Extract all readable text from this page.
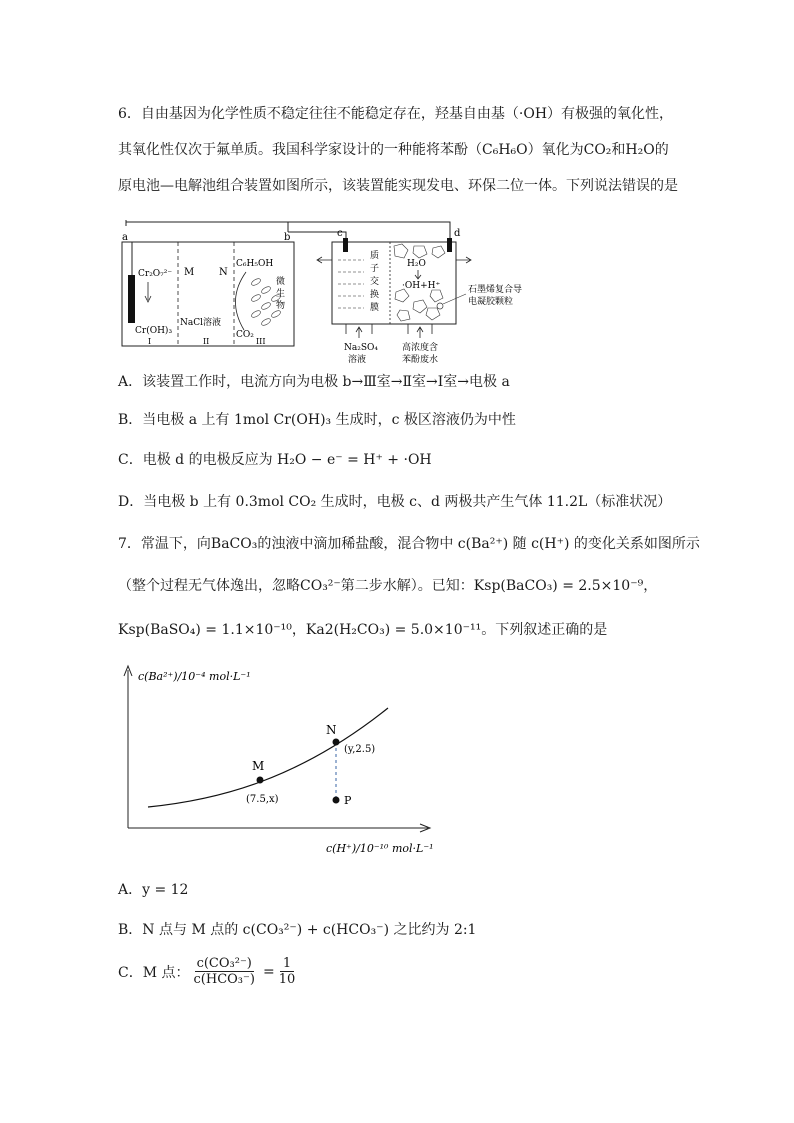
6．自由基因为化学性质不稳定往往不能稳定存在，羟基自由基（·OH）有极强的氧化性，
其氧化性仅次于氟单质。我国科学家设计的一种能将苯酚（C₆H₆O）氧化为CO₂和H₂O的
原电池—电解池组合装置如图所示，该装置能实现发电、环保二位一体。下列说法错误的是
a	b
Cr₂O₇²⁻
Cr(OH)₃
M N
C₆H₅OH
NaCl溶液
CO₂
微
生
物
I	II	III
c	d
质
子
交
换
膜
H₂O
·OH+H⁺	石墨烯复合导
电凝胶颗粒
Na₂SO₄
溶液
高浓度含
苯酚废水
A．该装置工作时，电流方向为电极 b→Ⅲ室→Ⅱ室→Ⅰ室→电极 a
B．当电极 a 上有 1mol Cr(OH)₃ 生成时，c 极区溶液仍为中性
C．电极 d 的电极反应为 H₂O − e⁻ = H⁺ + ·OH
D．当电极 b 上有 0.3mol CO₂ 生成时，电极 c、d 两极共产生气体 11.2L（标准状况）
7．常温下，向BaCO₃的浊液中滴加稀盐酸，混合物中 c(Ba²⁺) 随 c(H⁺) 的变化关系如图所示
（整个过程无气体逸出，忽略CO₃²⁻第二步水解）。已知：Ksp(BaCO₃) = 2.5×10⁻⁹，
Ksp(BaSO₄) = 1.1×10⁻¹⁰，Ka2(H₂CO₃) = 5.0×10⁻¹¹。下列叙述正确的是
c(Ba²⁺)/10⁻⁴ mol·L⁻¹
c(H⁺)/10⁻¹⁰ mol·L⁻¹
M
(7.5,x)
N
(y,2.5)
P
A．y = 12
B．N 点与 M 点的 c(CO₃²⁻) + c(HCO₃⁻) 之比约为 2:1
C．M 点：
c(CO₃²⁻)
$c(HCO_3^-) = \frac{1}{10}$
